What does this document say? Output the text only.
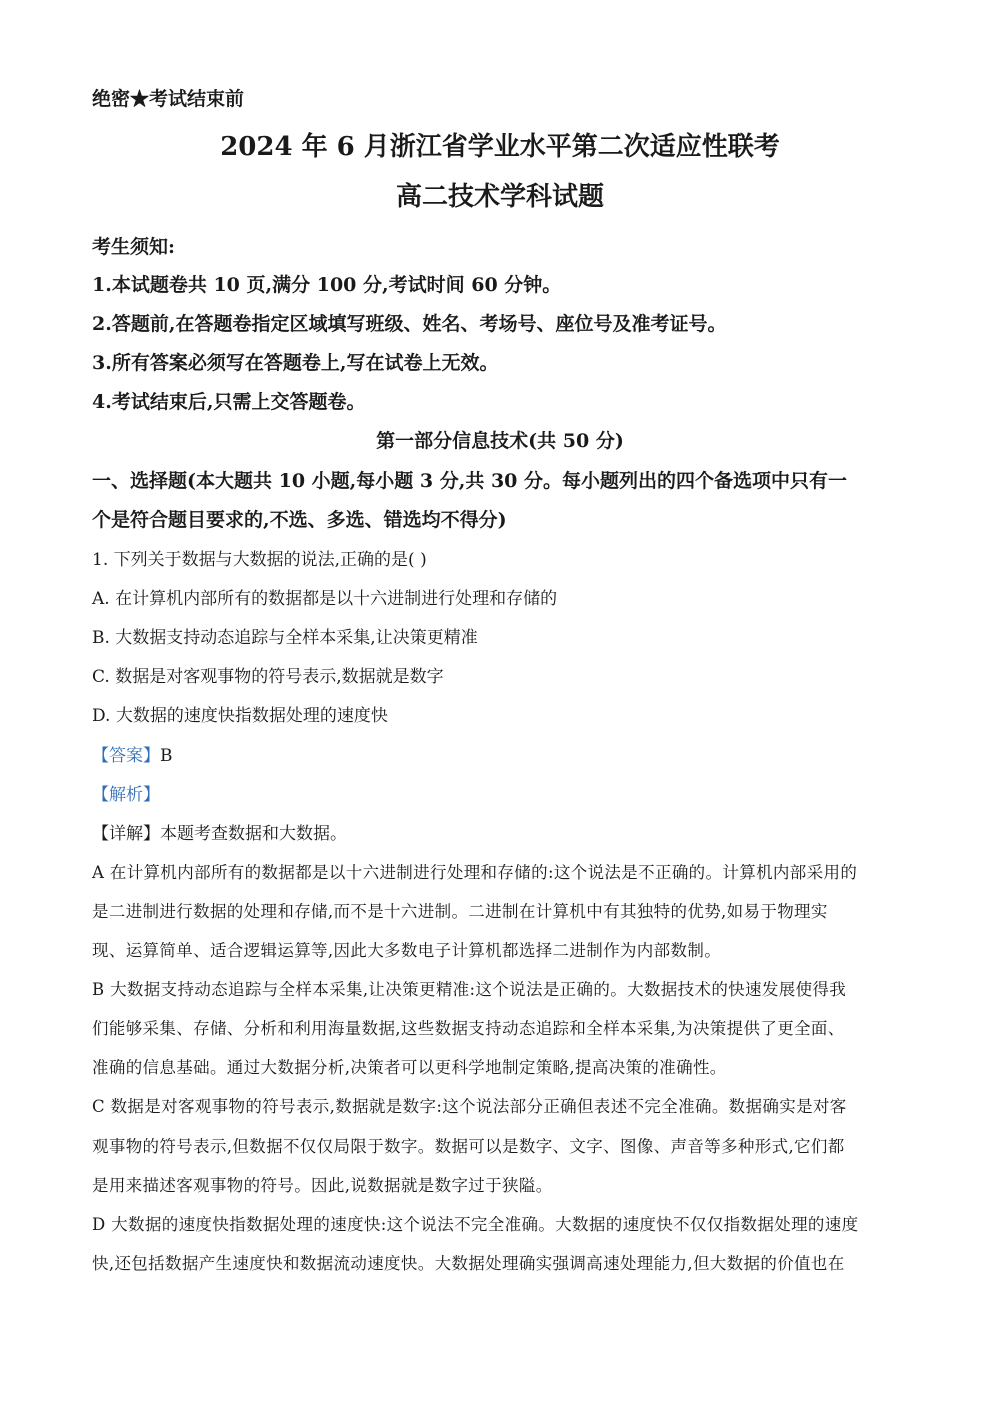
绝密★考试结束前
2024 年 6 月浙江省学业水平第二次适应性联考
高二技术学科试题
考生须知:
1.本试题卷共 10 页,满分 100 分,考试时间 60 分钟。
2.答题前,在答题卷指定区域填写班级、姓名、考场号、座位号及准考证号。
3.所有答案必须写在答题卷上,写在试卷上无效。
4.考试结束后,只需上交答题卷。
第一部分信息技术(共 50 分)
一、选择题(本大题共 10 小题,每小题 3 分,共 30 分。每小题列出的四个备选项中只有一
个是符合题目要求的,不选、多选、错选均不得分)
1. 下列关于数据与大数据的说法,正确的是( )
A. 在计算机内部所有的数据都是以十六进制进行处理和存储的
B. 大数据支持动态追踪与全样本采集,让决策更精准
C. 数据是对客观事物的符号表示,数据就是数字
D. 大数据的速度快指数据处理的速度快
【答案】B
【解析】
【详解】本题考查数据和大数据。
A 在计算机内部所有的数据都是以十六进制进行处理和存储的:这个说法是不正确的。计算机内部采用的
是二进制进行数据的处理和存储,而不是十六进制。二进制在计算机中有其独特的优势,如易于物理实
现、运算简单、适合逻辑运算等,因此大多数电子计算机都选择二进制作为内部数制。
B 大数据支持动态追踪与全样本采集,让决策更精准:这个说法是正确的。大数据技术的快速发展使得我
们能够采集、存储、分析和利用海量数据,这些数据支持动态追踪和全样本采集,为决策提供了更全面、
准确的信息基础。通过大数据分析,决策者可以更科学地制定策略,提高决策的准确性。
C 数据是对客观事物的符号表示,数据就是数字:这个说法部分正确但表述不完全准确。数据确实是对客
观事物的符号表示,但数据不仅仅局限于数字。数据可以是数字、文字、图像、声音等多种形式,它们都
是用来描述客观事物的符号。因此,说数据就是数字过于狭隘。
D 大数据的速度快指数据处理的速度快:这个说法不完全准确。大数据的速度快不仅仅指数据处理的速度
快,还包括数据产生速度快和数据流动速度快。大数据处理确实强调高速处理能力,但大数据的价值也在
